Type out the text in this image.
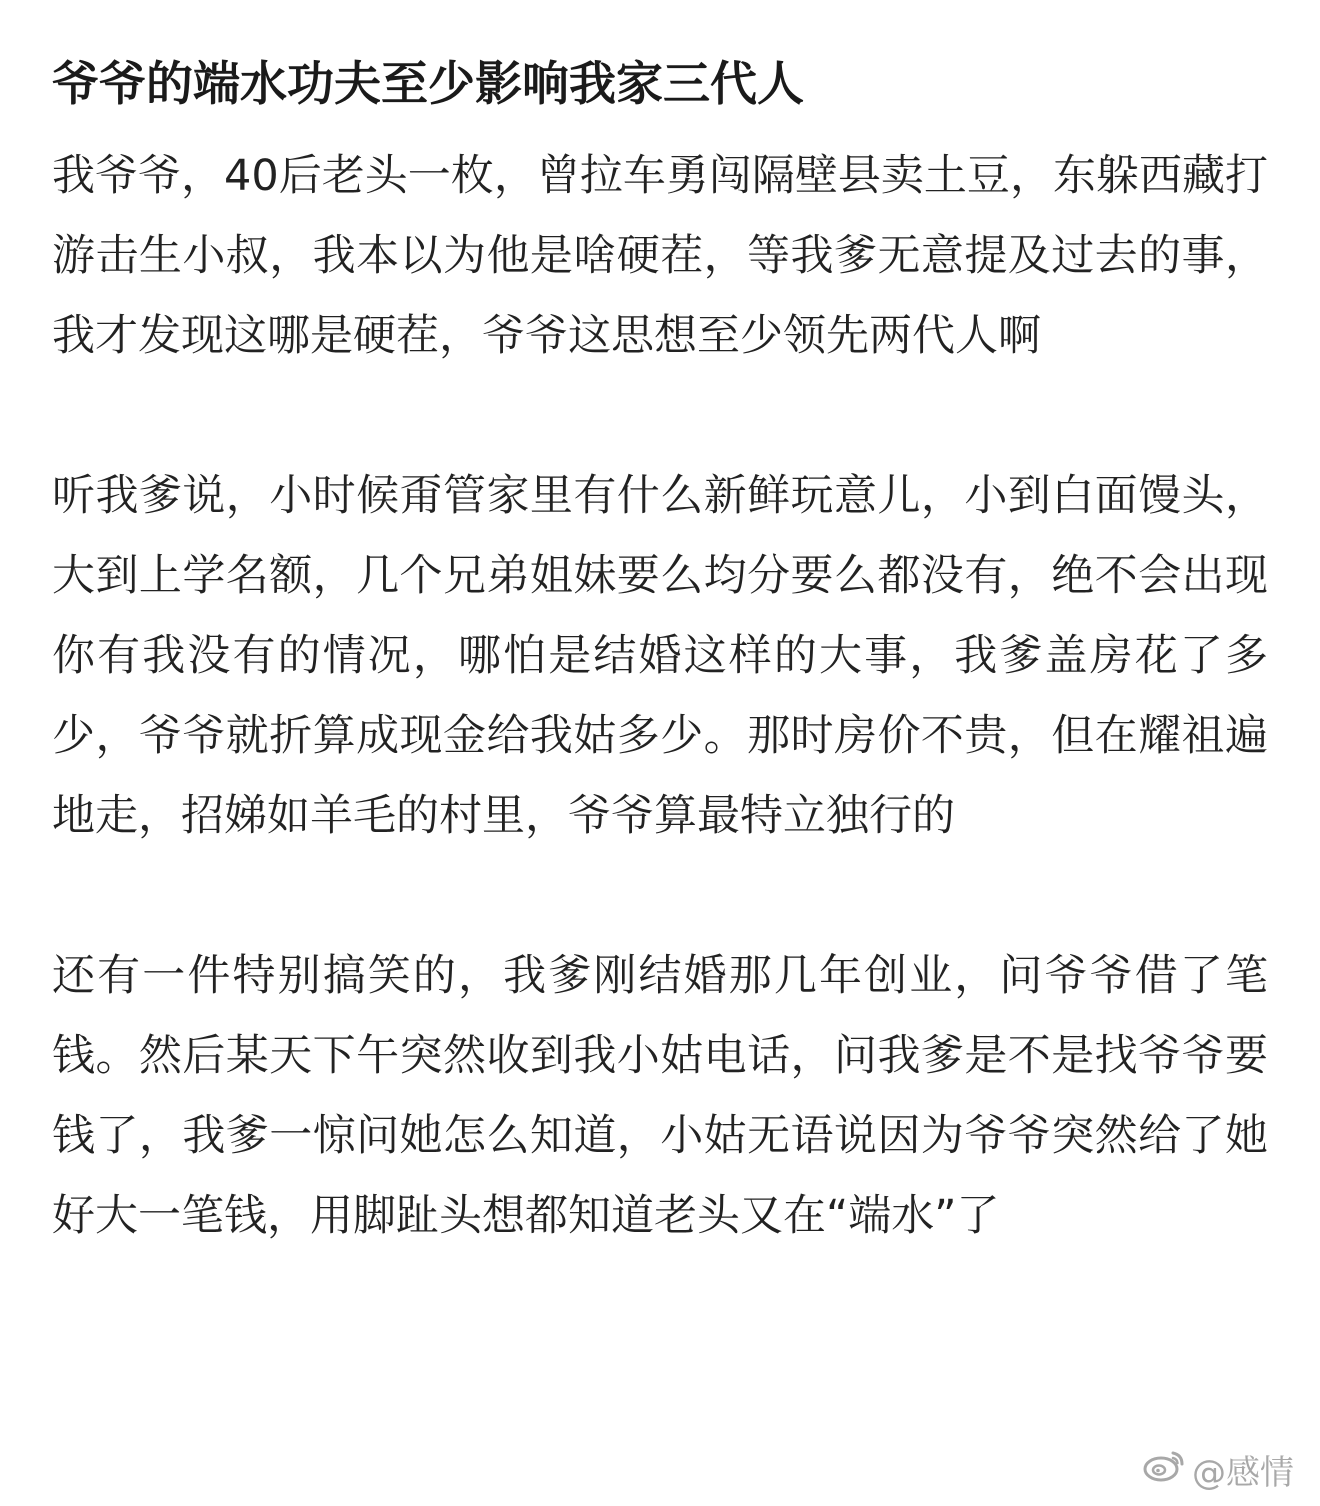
爷爷的端水功夫至少影响我家三代人

我爷爷，40后老头一枚，曾拉车勇闯隔壁县卖土豆，东躲西藏打游击生小叔，我本以为他是啥硬茬，等我爹无意提及过去的事，我才发现这哪是硬茬，爷爷这思想至少领先两代人啊

听我爹说，小时候甭管家里有什么新鲜玩意儿，小到白面馒头，大到上学名额，几个兄弟姐妹要么均分要么都没有，绝不会出现你有我没有的情况，哪怕是结婚这样的大事，我爹盖房花了多少，爷爷就折算成现金给我姑多少。那时房价不贵，但在耀祖遍地走，招娣如羊毛的村里，爷爷算最特立独行的

还有一件特别搞笑的，我爹刚结婚那几年创业，问爷爷借了笔钱。然后某天下午突然收到我小姑电话，问我爹是不是找爷爷要钱了，我爹一惊问她怎么知道，小姑无语说因为爷爷突然给了她好大一笔钱，用脚趾头想都知道老头又在“端水”了

@感情
